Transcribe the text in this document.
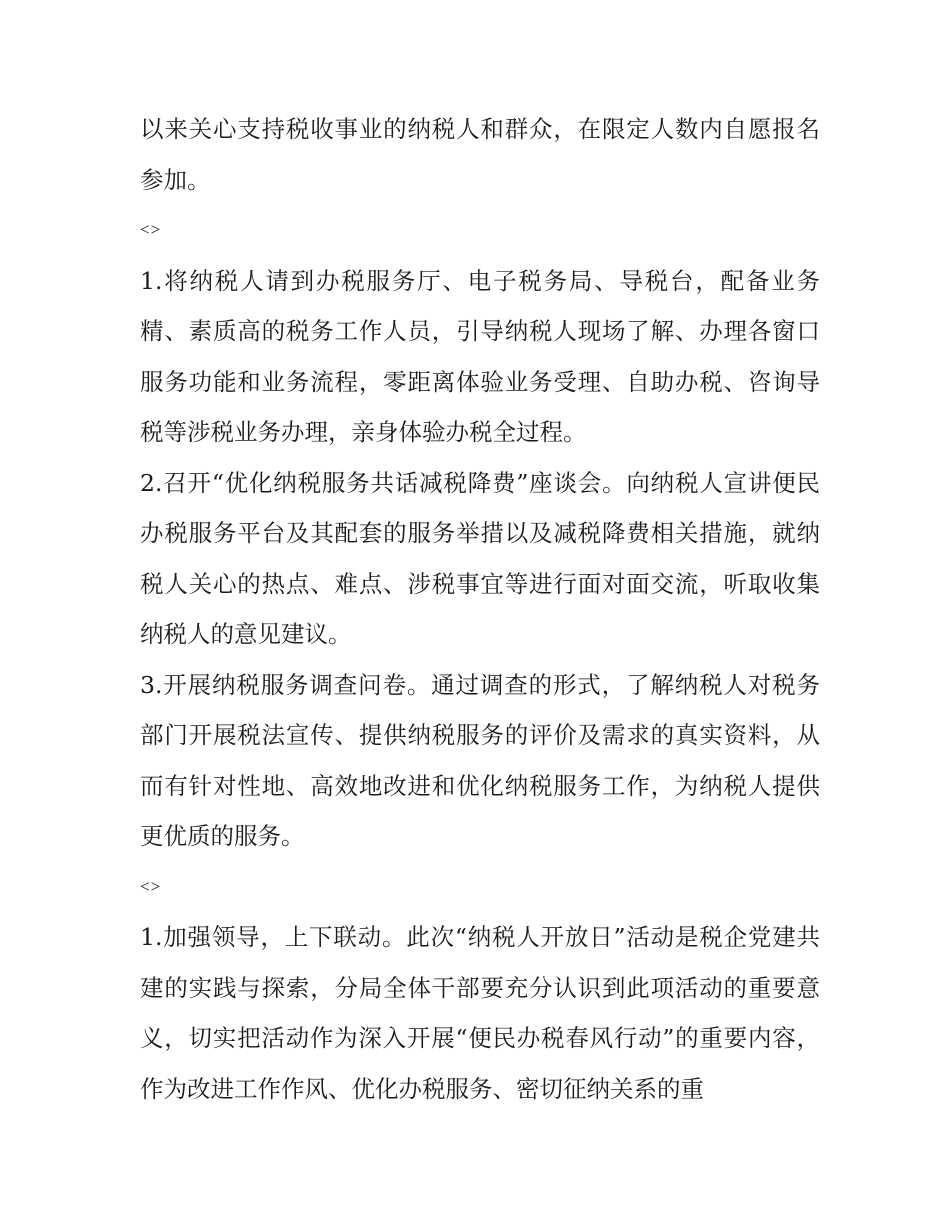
以来关心支持税收事业的纳税人和群众，在限定人数内自愿报名参加。

<>

1.将纳税人请到办税服务厅、电子税务局、导税台，配备业务精、素质高的税务工作人员，引导纳税人现场了解、办理各窗口服务功能和业务流程，零距离体验业务受理、自助办税、咨询导税等涉税业务办理，亲身体验办税全过程。

2.召开“优化纳税服务共话减税降费”座谈会。向纳税人宣讲便民办税服务平台及其配套的服务举措以及减税降费相关措施，就纳税人关心的热点、难点、涉税事宜等进行面对面交流，听取收集纳税人的意见建议。

3.开展纳税服务调查问卷。通过调查的形式，了解纳税人对税务部门开展税法宣传、提供纳税服务的评价及需求的真实资料，从而有针对性地、高效地改进和优化纳税服务工作，为纳税人提供更优质的服务。

<>

1.加强领导，上下联动。此次“纳税人开放日”活动是税企党建共建的实践与探索，分局全体干部要充分认识到此项活动的重要意义，切实把活动作为深入开展“便民办税春风行动”的重要内容，作为改进工作作风、优化办税服务、密切征纳关系的重
